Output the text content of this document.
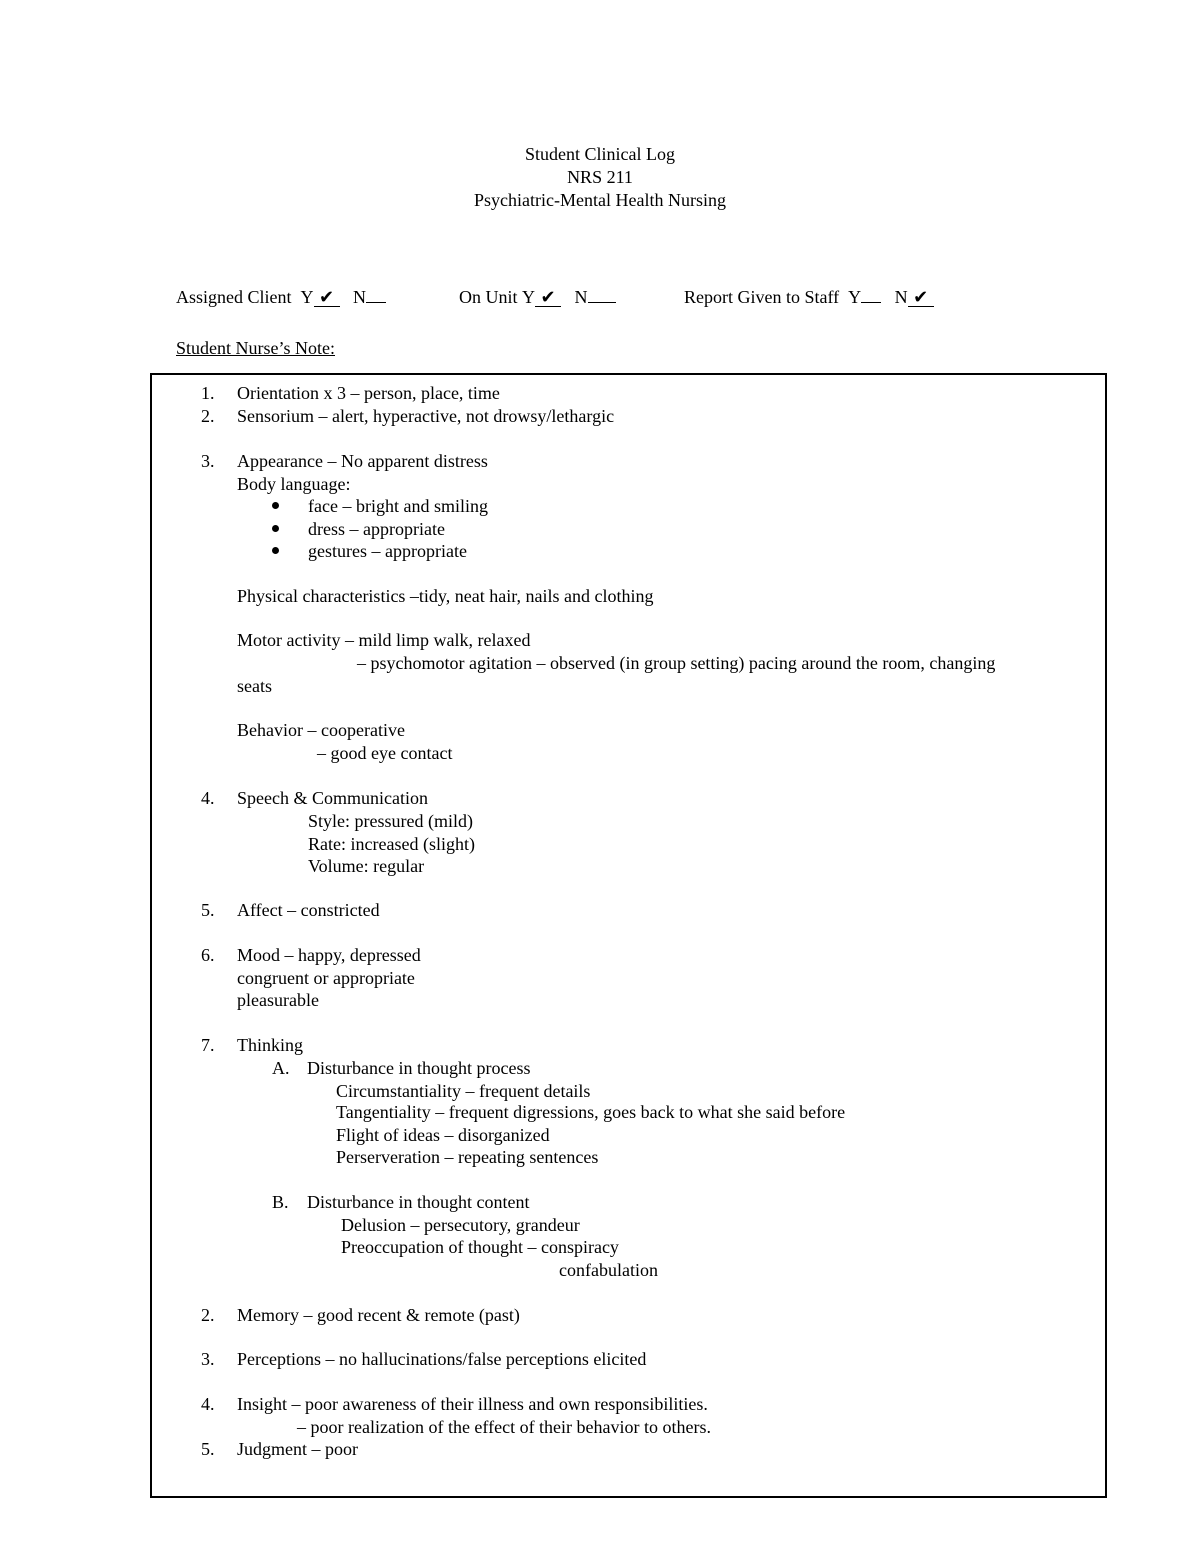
Student Clinical Log
NRS 211
Psychiatric-Mental Health Nursing
Assigned Client Y ✔ N	On Unit Y ✔ N	Report Given to Staff Y N ✔
Student Nurse’s Note:
1. Orientation x 3 – person, place, time
2. Sensorium – alert, hyperactive, not drowsy/lethargic
3. Appearance – No apparent distress
Body language:
face – bright and smiling
dress – appropriate
gestures – appropriate
Physical characteristics –tidy, neat hair, nails and clothing
Motor activity – mild limp walk, relaxed
– psychomotor agitation – observed (in group setting) pacing around the room, changing
seats
Behavior – cooperative
– good eye contact
4. Speech & Communication
Style: pressured (mild)
Rate: increased (slight)
Volume: regular
5. Affect – constricted
6. Mood – happy, depressed
congruent or appropriate
pleasurable
7. Thinking
A. Disturbance in thought process
Circumstantiality – frequent details
Tangentiality – frequent digressions, goes back to what she said before
Flight of ideas – disorganized
Perserveration – repeating sentences
B. Disturbance in thought content
Delusion – persecutory, grandeur
Preoccupation of thought – conspiracy
confabulation
2. Memory – good recent & remote (past)
3. Perceptions – no hallucinations/false perceptions elicited
4. Insight – poor awareness of their illness and own responsibilities.
– poor realization of the effect of their behavior to others.
5. Judgment – poor
